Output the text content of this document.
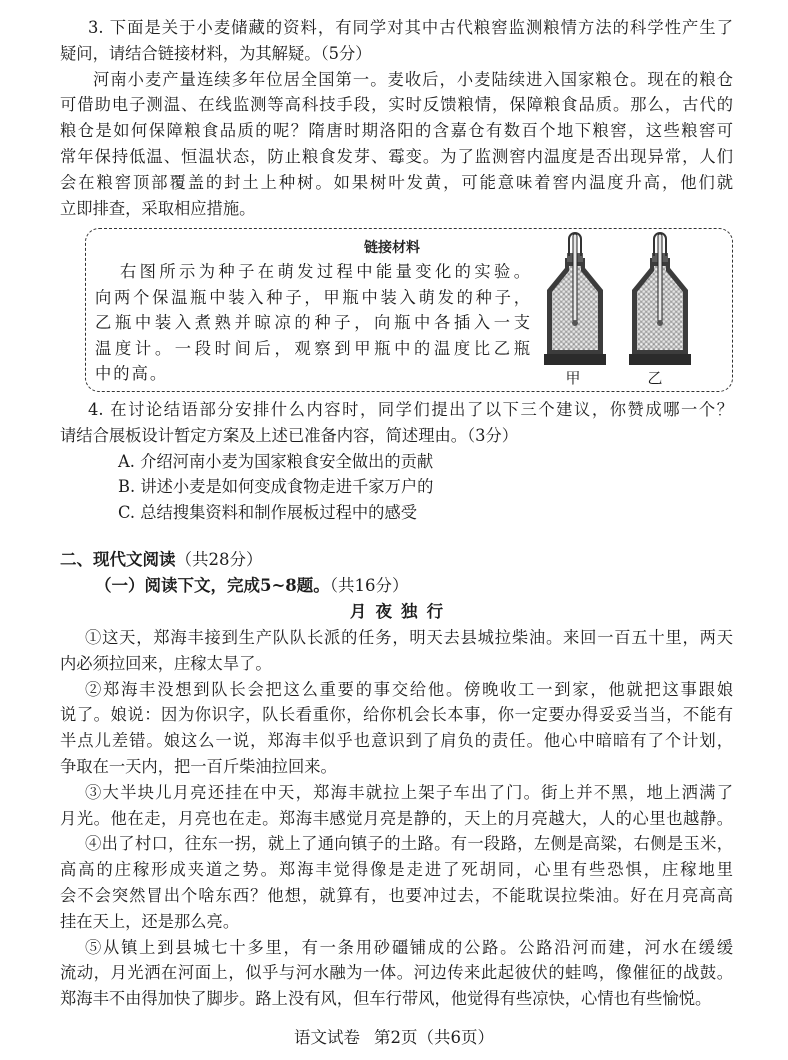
3. 下面是关于小麦储藏的资料，有同学对其中古代粮窖监测粮情方法的科学性产生了
疑问，请结合链接材料，为其解疑。（5分）
河南小麦产量连续多年位居全国第一。麦收后，小麦陆续进入国家粮仓。现在的粮仓
可借助电子测温、在线监测等高科技手段，实时反馈粮情，保障粮食品质。那么，古代的
粮仓是如何保障粮食品质的呢？隋唐时期洛阳的含嘉仓有数百个地下粮窖，这些粮窖可
常年保持低温、恒温状态，防止粮食发芽、霉变。为了监测窖内温度是否出现异常，人们
会在粮窖顶部覆盖的封土上种树。如果树叶发黄，可能意味着窖内温度升高，他们就
立即排查，采取相应措施。
链接材料
右图所示为种子在萌发过程中能量变化的实验。
向两个保温瓶中装入种子，甲瓶中装入萌发的种子，
乙瓶中装入煮熟并晾凉的种子，向瓶中各插入一支
温度计。一段时间后，观察到甲瓶中的温度比乙瓶
中的高。	甲	乙
4. 在讨论结语部分安排什么内容时，同学们提出了以下三个建议，你赞成哪一个？
请结合展板设计暂定方案及上述已准备内容，简述理由。（3分）
A. 介绍河南小麦为国家粮食安全做出的贡献
B. 讲述小麦是如何变成食物走进千家万户的
C. 总结搜集资料和制作展板过程中的感受
二、现代文阅读（共28分）
（一）阅读下文，完成5~8题。（共16分）
月夜独行
①这天，郑海丰接到生产队队长派的任务，明天去县城拉柴油。来回一百五十里，两天
内必须拉回来，庄稼太旱了。
②郑海丰没想到队长会把这么重要的事交给他。傍晚收工一到家，他就把这事跟娘
说了。娘说：因为你识字，队长看重你，给你机会长本事，你一定要办得妥妥当当，不能有
半点儿差错。娘这么一说，郑海丰似乎也意识到了肩负的责任。他心中暗暗有了个计划，
争取在一天内，把一百斤柴油拉回来。
③大半块儿月亮还挂在中天，郑海丰就拉上架子车出了门。街上并不黑，地上洒满了
月光。他在走，月亮也在走。郑海丰感觉月亮是静的，天上的月亮越大，人的心里也越静。
④出了村口，往东一拐，就上了通向镇子的土路。有一段路，左侧是高粱，右侧是玉米，
高高的庄稼形成夹道之势。郑海丰觉得像是走进了死胡同，心里有些恐惧，庄稼地里
会不会突然冒出个啥东西？他想，就算有，也要冲过去，不能耽误拉柴油。好在月亮高高
挂在天上，还是那么亮。
⑤从镇上到县城七十多里，有一条用砂礓铺成的公路。公路沿河而建，河水在缓缓
流动，月光洒在河面上，似乎与河水融为一体。河边传来此起彼伏的蛙鸣，像催征的战鼓。
郑海丰不由得加快了脚步。路上没有风，但车行带风，他觉得有些凉快，心情也有些愉悦。
语文试卷 第2页（共6页）
